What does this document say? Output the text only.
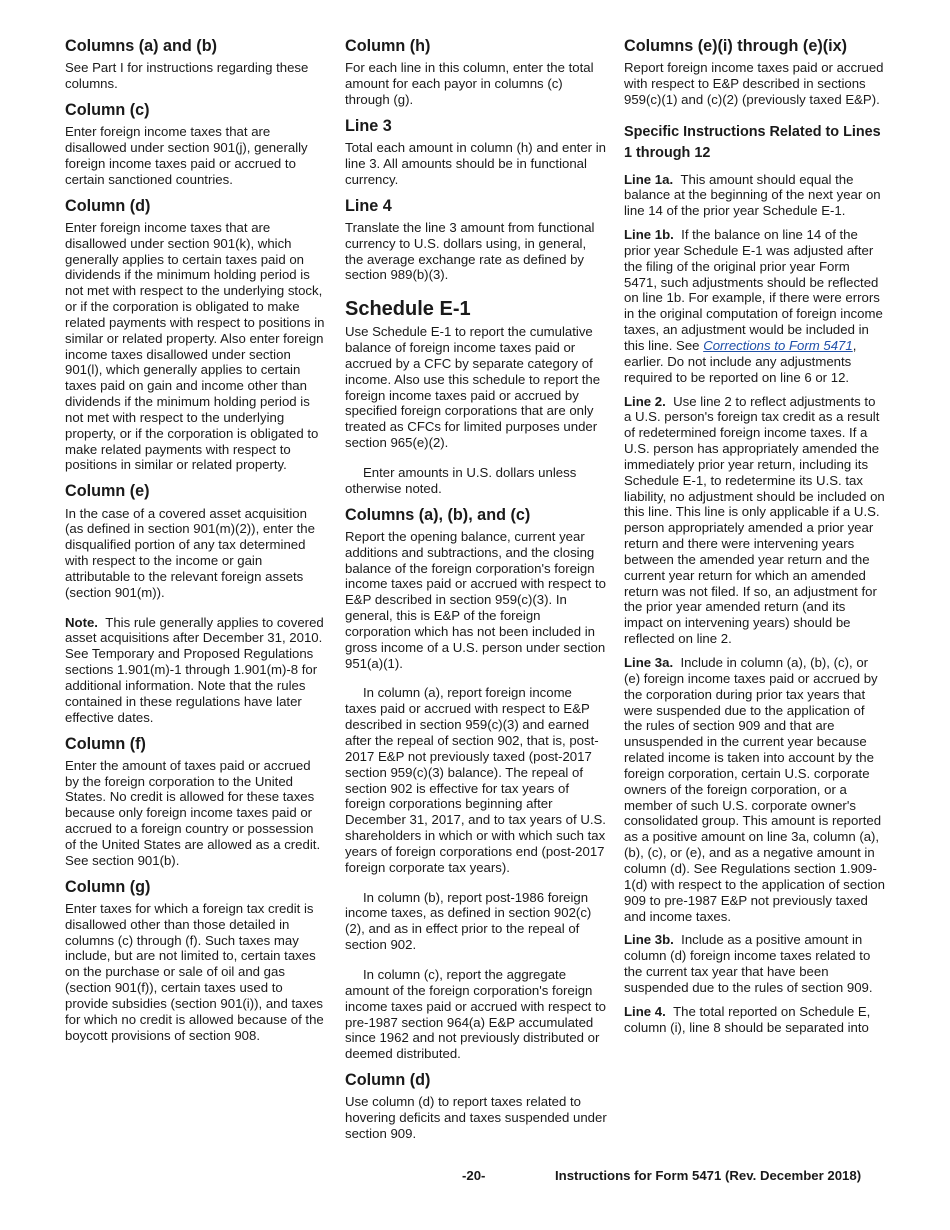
Columns (a) and (b)

See Part I for instructions regarding these columns.

Column (c)

Enter foreign income taxes that are disallowed under section 901(j), generally foreign income taxes paid or accrued to certain sanctioned countries.

Column (d)

Enter foreign income taxes that are disallowed under section 901(k), which generally applies to certain taxes paid on dividends if the minimum holding period is not met with respect to the underlying stock, or if the corporation is obligated to make related payments with respect to positions in similar or related property. Also enter foreign income taxes disallowed under section 901(l), which generally applies to certain taxes paid on gain and income other than dividends if the minimum holding period is not met with respect to the underlying property, or if the corporation is obligated to make related payments with respect to positions in similar or related property.

Column (e)

In the case of a covered asset acquisition (as defined in section 901(m)(2)), enter the disqualified portion of any tax determined with respect to the income or gain attributable to the relevant foreign assets (section 901(m)).

Note. This rule generally applies to covered asset acquisitions after December 31, 2010. See Temporary and Proposed Regulations sections 1.901(m)-1 through 1.901(m)-8 for additional information. Note that the rules contained in these regulations have later effective dates.

Column (f)

Enter the amount of taxes paid or accrued by the foreign corporation to the United States. No credit is allowed for these taxes because only foreign income taxes paid or accrued to a foreign country or possession of the United States are allowed as a credit. See section 901(b).

Column (g)

Enter taxes for which a foreign tax credit is disallowed other than those detailed in columns (c) through (f). Such taxes may include, but are not limited to, certain taxes on the purchase or sale of oil and gas (section 901(f)), certain taxes used to provide subsidies (section 901(i)), and taxes for which no credit is allowed because of the boycott provisions of section 908.

Column (h)

For each line in this column, enter the total amount for each payor in columns (c) through (g).

Line 3

Total each amount in column (h) and enter in line 3. All amounts should be in functional currency.

Line 4

Translate the line 3 amount from functional currency to U.S. dollars using, in general, the average exchange rate as defined by section 989(b)(3).

Schedule E-1

Use Schedule E-1 to report the cumulative balance of foreign income taxes paid or accrued by a CFC by separate category of income. Also use this schedule to report the foreign income taxes paid or accrued by specified foreign corporations that are only treated as CFCs for limited purposes under section 965(e)(2).

Enter amounts in U.S. dollars unless otherwise noted.

Columns (a), (b), and (c)

Report the opening balance, current year additions and subtractions, and the closing balance of the foreign corporation's foreign income taxes paid or accrued with respect to E&P described in section 959(c)(3). In general, this is E&P of the foreign corporation which has not been included in gross income of a U.S. person under section 951(a)(1).

In column (a), report foreign income taxes paid or accrued with respect to E&P described in section 959(c)(3) and earned after the repeal of section 902, that is, post-2017 E&P not previously taxed (post-2017 section 959(c)(3) balance). The repeal of section 902 is effective for tax years of foreign corporations beginning after December 31, 2017, and to tax years of U.S. shareholders in which or with which such tax years of foreign corporations end (post-2017 foreign corporate tax years).

In column (b), report post-1986 foreign income taxes, as defined in section 902(c)(2), and as in effect prior to the repeal of section 902.

In column (c), report the aggregate amount of the foreign corporation's foreign income taxes paid or accrued with respect to pre-1987 section 964(a) E&P accumulated since 1962 and not previously distributed or deemed distributed.

Column (d)

Use column (d) to report taxes related to hovering deficits and taxes suspended under section 909.

Columns (e)(i) through (e)(ix)

Report foreign income taxes paid or accrued with respect to E&P described in sections 959(c)(1) and (c)(2) (previously taxed E&P).

Specific Instructions Related to Lines 1 through 12

Line 1a. This amount should equal the balance at the beginning of the next year on line 14 of the prior year Schedule E-1.

Line 1b. If the balance on line 14 of the prior year Schedule E-1 was adjusted after the filing of the original prior year Form 5471, such adjustments should be reflected on line 1b. For example, if there were errors in the original computation of foreign income taxes, an adjustment would be included in this line. See Corrections to Form 5471, earlier. Do not include any adjustments required to be reported on line 6 or 12.

Line 2. Use line 2 to reflect adjustments to a U.S. person's foreign tax credit as a result of redetermined foreign income taxes. If a U.S. person has appropriately amended the immediately prior year return, including its Schedule E-1, to redetermine its U.S. tax liability, no adjustment should be included on this line. This line is only applicable if a U.S. person appropriately amended a prior year return and there were intervening years between the amended year return and the current year return for which an amended return was not filed. If so, an adjustment for the prior year amended return (and its impact on intervening years) should be reflected on line 2.

Line 3a. Include in column (a), (b), (c), or (e) foreign income taxes paid or accrued by the corporation during prior tax years that were suspended due to the application of the rules of section 909 and that are unsuspended in the current year because related income is taken into account by the foreign corporation, certain U.S. corporate owners of the foreign corporation, or a member of such U.S. corporate owner's consolidated group. This amount is reported as a positive amount on line 3a, column (a), (b), (c), or (e), and as a negative amount in column (d). See Regulations section 1.909-1(d) with respect to the application of section 909 to pre-1987 E&P not previously taxed and income taxes.

Line 3b. Include as a positive amount in column (d) foreign income taxes related to the current tax year that have been suspended due to the rules of section 909.

Line 4. The total reported on Schedule E, column (i), line 8 should be separated into

-20-	Instructions for Form 5471 (Rev. December 2018)
